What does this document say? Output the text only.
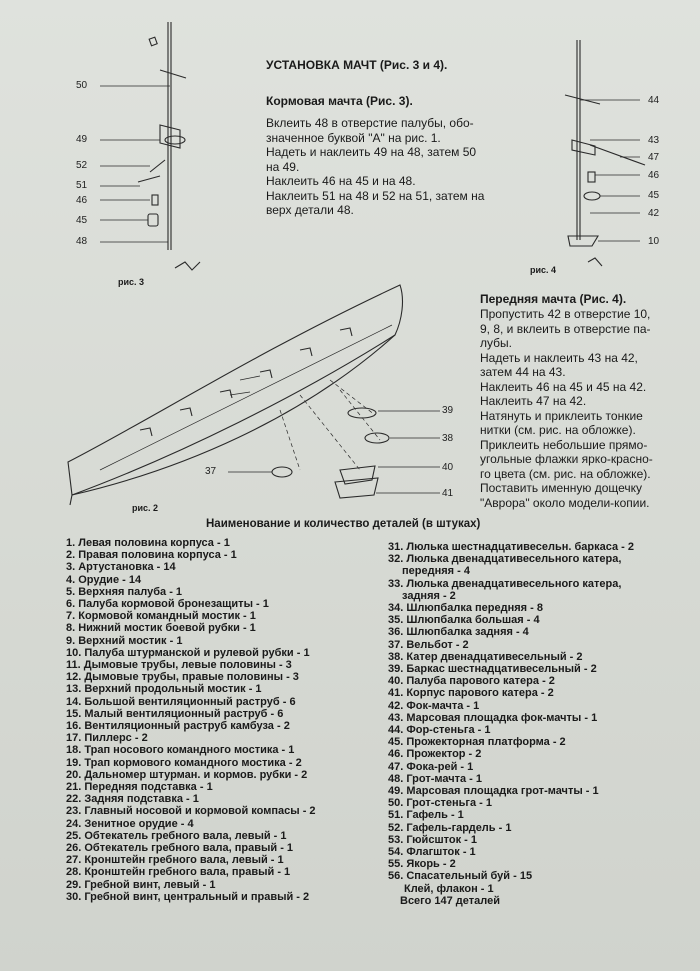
50
49
52
51
46
45
48
рис. 3
44
43
47
46
45
42
10
рис. 4
39
38
37	40
41
рис. 2
УСТАНОВКА МАЧТ (Рис. 3 и 4).
Кормовая мачта (Рис. 3).
Вклеить 48 в отверстие палубы, обо-
значенное буквой "А" на рис. 1.
Надеть и наклеить 49 на 48, затем 50
на 49.
Наклеить 46 на 45 и на 48.
Наклеить 51 на 48 и 52 на 51, затем на
верх детали 48.
Передняя мачта (Рис. 4).
Пропустить 42 в отверстие 10,
9, 8, и вклеить в отверстие па-
лубы.
Надеть и наклеить 43 на 42,
затем 44 на 43.
Наклеить 46 на 45 и 45 на 42.
Наклеить 47 на 42.
Натянуть и приклеить тонкие
нитки (см. рис. на обложке).
Приклеить небольшие прямо-
угольные флажки ярко-красно-
го цвета (см. рис. на обложке).
Поставить именную дощечку
"Аврора" около модели-копии.
Наименование и количество деталей (в штуках)
1. Левая половина корпуса - 1
2. Правая половина корпуса - 1
3. Артустановка - 14
4. Орудие - 14
5. Верхняя палуба - 1
6. Палуба кормовой бронезащиты - 1
7. Кормовой командный мостик - 1
8. Нижний мостик боевой рубки - 1
9. Верхний мостик - 1
10. Палуба штурманской и рулевой рубки - 1
11. Дымовые трубы, левые половины - 3
12. Дымовые трубы, правые половины - 3
13. Верхний продольный мостик - 1
14. Большой вентиляционный раструб - 6
15. Малый вентиляционный раструб - 6
16. Вентиляционный раструб камбуза - 2
17. Пиллерс - 2
18. Трап носового командного мостика - 1
19. Трап кормового командного мостика - 2
20. Дальномер штурман. и кормов. рубки - 2
21. Передняя подставка - 1
22. Задняя подставка - 1
23. Главный носовой и кормовой компасы - 2
24. Зенитное орудие - 4
25. Обтекатель гребного вала, левый - 1
26. Обтекатель гребного вала, правый - 1
27. Кронштейн гребного вала, левый - 1
28. Кронштейн гребного вала, правый - 1
29. Гребной винт, левый - 1
30. Гребной винт, центральный и правый - 2
31. Люлька шестнадцативесельн. баркаса - 2
32. Люлька двенадцативесельного катера,
передняя - 4
33. Люлька двенадцативесельного катера,
задняя - 2
34. Шлюпбалка передняя - 8
35. Шлюпбалка большая - 4
36. Шлюпбалка задняя - 4
37. Вельбот - 2
38. Катер двенадцативесельный - 2
39. Баркас шестнадцативесельный - 2
40. Палуба парового катера - 2
41. Корпус парового катера - 2
42. Фок-мачта - 1
43. Марсовая площадка фок-мачты - 1
44. Фор-стеньга - 1
45. Прожекторная платформа - 2
46. Прожектор - 2
47. Фока-рей - 1
48. Грот-мачта - 1
49. Марсовая площадка грот-мачты - 1
50. Грот-стеньга - 1
51. Гафель - 1
52. Гафель-гардель - 1
53. Гюйсшток - 1
54. Флагшток - 1
55. Якорь - 2
56. Спасательный буй - 15
Клей, флакон - 1
Всего 147 деталей
